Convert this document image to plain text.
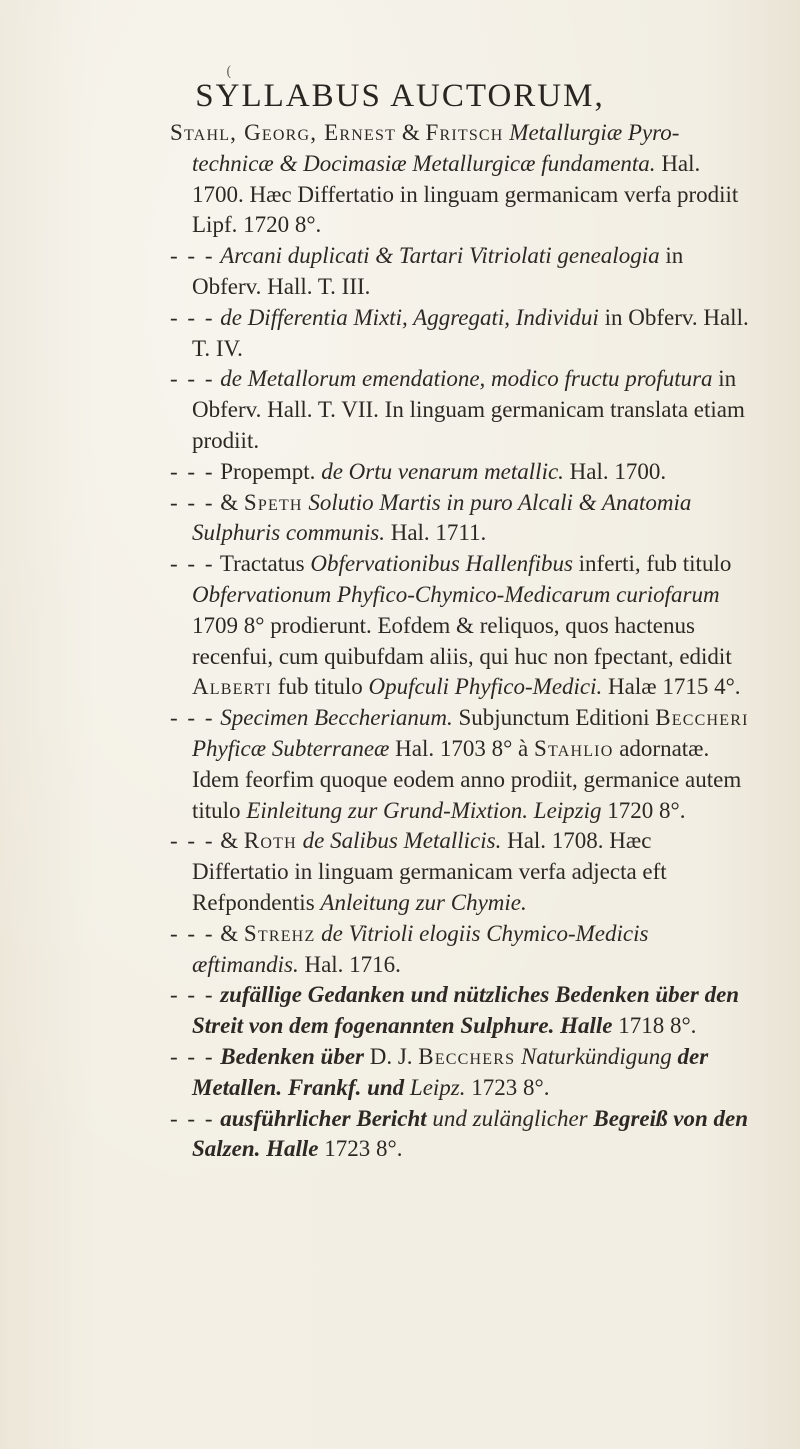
(
SYLLABUS AUCTORUM,

Stahl, Georg, Ernest & Fritsch Metallurgiæ Pyro-technicæ & Docimasiæ Metallurgicæ fundamenta. Hal. 1700. Hæc Differtatio in linguam germanicam verfa prodiit Lipf. 1720 8°.

- - - Arcani duplicati & Tartari Vitriolati genealogia in Obferv. Hall. T. III.

- - - de Differentia Mixti, Aggregati, Individui in Obferv. Hall. T. IV.

- - - de Metallorum emendatione, modico fructu profutura in Obferv. Hall. T. VII. In linguam germanicam translata etiam prodiit.

- - - Propempt. de Ortu venarum metallic. Hal. 1700.

- - - & Speth Solutio Martis in puro Alcali & Anatomia Sulphuris communis. Hal. 1711.

- - - Tractatus Obfervationibus Hallenfibus inferti, fub titulo Obfervationum Phyfico-Chymico-Medicarum curiofarum 1709 8° prodierunt. Eofdem & reliquos, quos hactenus recenfui, cum quibufdam aliis, qui huc non fpectant, edidit Alberti fub titulo Opufculi Phyfico-Medici. Halæ 1715 4°.

- - - Specimen Beccherianum. Subjunctum Editioni Beccheri Phyficæ Subterraneæ Hal. 1703 8° à Stahlio adornatæ. Idem feorfim quoque eodem anno prodiit, germanice autem titulo Einleitung zur Grund-Mixtion. Leipzig 1720 8°.

- - - & Roth de Salibus Metallicis. Hal. 1708. Hæc Differtatio in linguam germanicam verfa adjecta eft Refpondentis Anleitung zur Chymie.

- - - & Strehz de Vitrioli elogiis Chymico-Medicis æftimandis. Hal. 1716.

- - - zufällige Gedanken und nützliches Bedenken über den Streit von dem fogenannten Sulphure. Halle 1718 8°.

- - - Bedenken über D. J. Becchers Naturkündigung der Metallen. Frankf. und Leipz. 1723 8°.

- - - ausführlicher Bericht und zulänglicher Begreiß von den Salzen. Halle 1723 8°.
